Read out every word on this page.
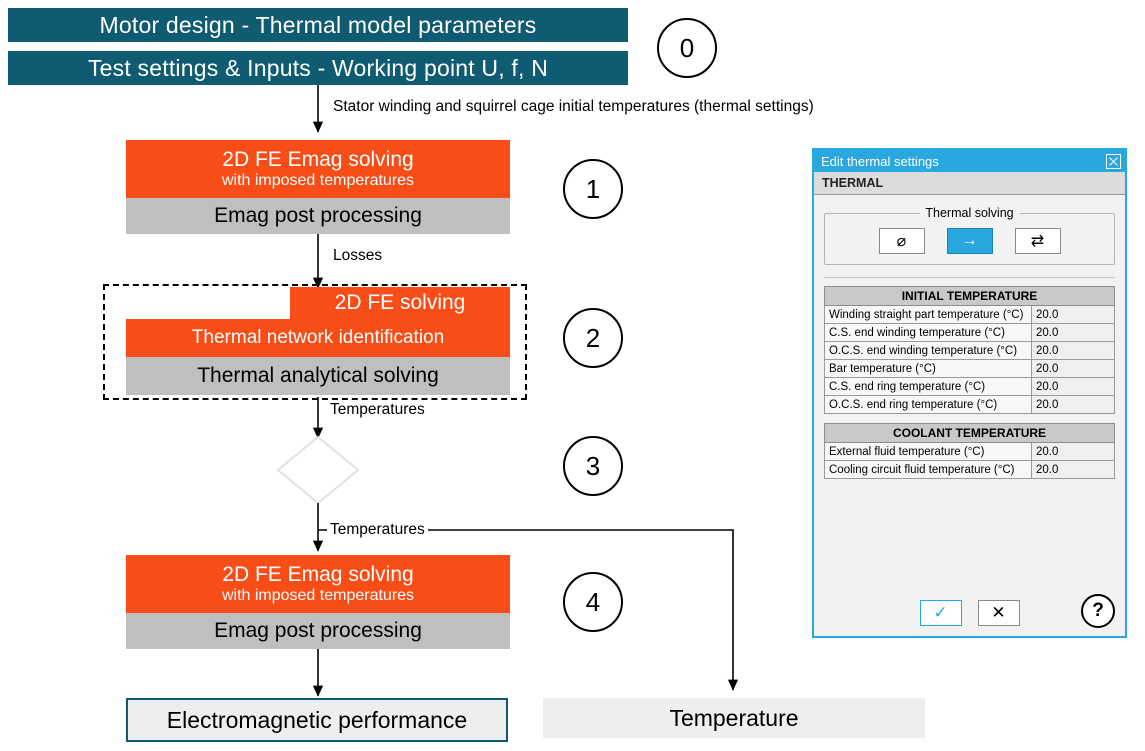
Motor design - Thermal model parameters
Test settings & Inputs - Working point U, f, N
0
Stator winding and squirrel cage initial temperatures (thermal settings)
2D FE Emag solving
with imposed temperatures
Emag post processing
1
Losses
2D FE solving
Thermal network identification
Thermal analytical solving
2
Temperatures
3
Temperatures
2D FE Emag solving
with imposed temperatures
Emag post processing
4
Electromagnetic performance	Temperature
Edit thermal settings
THERMAL
Thermal solving
⌀	→	⇄
INITIAL TEMPERATURE	
Winding straight part temperature (°C)	20.0
C.S. end winding temperature (°C)	20.0
O.C.S. end winding temperature (°C)	20.0
Bar temperature (°C)	20.0
C.S. end ring temperature (°C)	20.0
O.C.S. end ring temperature (°C)	20.0
COOLANT TEMPERATURE	
External fluid temperature (°C)	20.0
Cooling circuit fluid temperature (°C)	20.0
✓	✕	?
